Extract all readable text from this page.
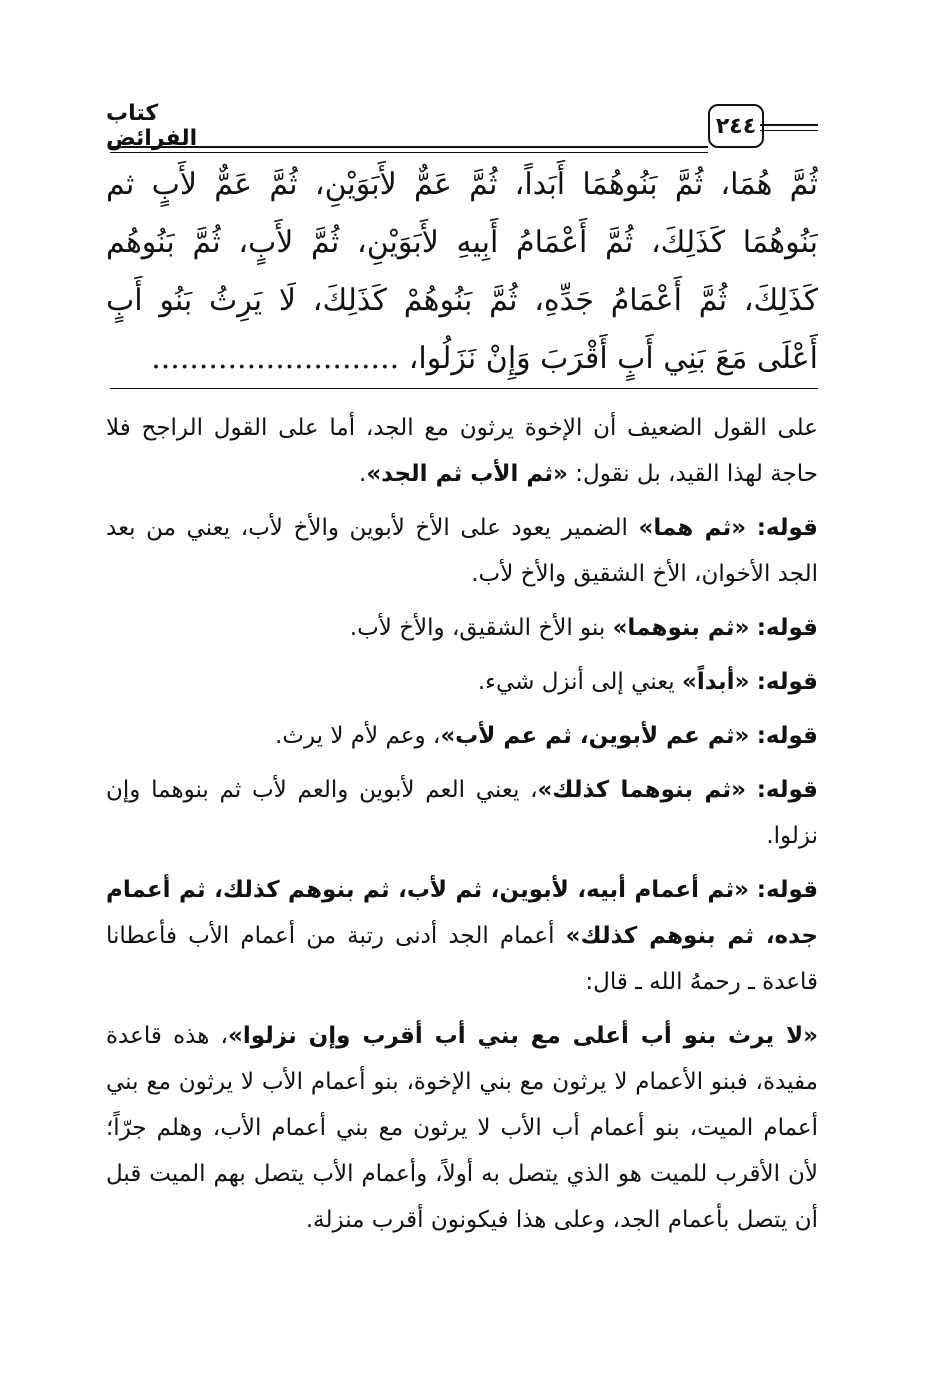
كتاب الفرائض	٢٤٤
ثُمَّ هُمَا، ثُمَّ بَنُوهُمَا أَبَداً، ثُمَّ عَمٌّ لأَبَوَيْنِ، ثُمَّ عَمٌّ لأَبٍ ثم
بَنُوهُمَا كَذَلِكَ، ثُمَّ أَعْمَامُ أَبِيهِ لأَبَوَيْنِ، ثُمَّ لأَبٍ، ثُمَّ بَنُوهُم
كَذَلِكَ، ثُمَّ أَعْمَامُ جَدِّهِ، ثُمَّ بَنُوهُمْ كَذَلِكَ، لَا يَرِثُ بَنُو أَبٍ
أَعْلَى مَعَ بَنِي أَبٍ أَقْرَبَ وَإِنْ نَزَلُوا، ..........................

على القول الضعيف أن الإخوة يرثون مع الجد، أما على القول الراجح فلا حاجة لهذا القيد، بل نقول: «ثم الأب ثم الجد».

قوله: «ثم هما» الضمير يعود على الأخ لأبوين والأخ لأب، يعني من بعد الجد الأخوان، الأخ الشقيق والأخ لأب.

قوله: «ثم بنوهما» بنو الأخ الشقيق، والأخ لأب.

قوله: «أبداً» يعني إلى أنزل شيء.

قوله: «ثم عم لأبوين، ثم عم لأب»، وعم لأم لا يرث.

قوله: «ثم بنوهما كذلك»، يعني العم لأبوين والعم لأب ثم بنوهما وإن نزلوا.

قوله: «ثم أعمام أبيه، لأبوين، ثم لأب، ثم بنوهم كذلك، ثم أعمام جده، ثم بنوهم كذلك» أعمام الجد أدنى رتبة من أعمام الأب فأعطانا قاعدة ـ رحمهُ الله ـ قال:

«لا يرث بنو أب أعلى مع بني أب أقرب وإن نزلوا»، هذه قاعدة مفيدة، فبنو الأعمام لا يرثون مع بني الإخوة، بنو أعمام الأب لا يرثون مع بني أعمام الميت، بنو أعمام أب الأب لا يرثون مع بني أعمام الأب، وهلم جرّاً؛ لأن الأقرب للميت هو الذي يتصل به أولاً، وأعمام الأب يتصل بهم الميت قبل أن يتصل بأعمام الجد، وعلى هذا فيكونون أقرب منزلة.
